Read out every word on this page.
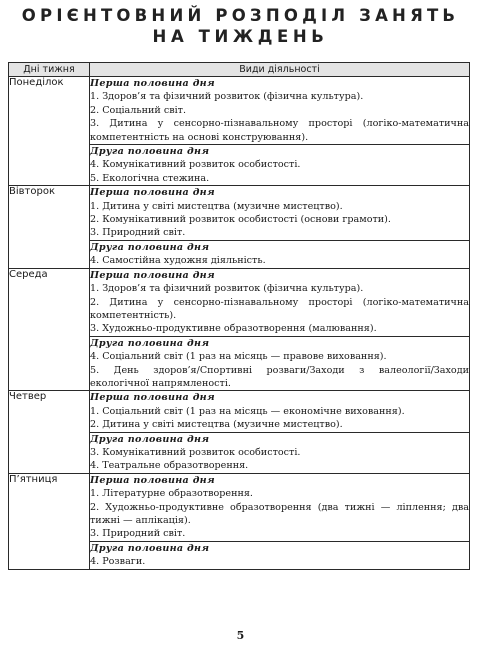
ОРІЄНТОВНИЙ РОЗПОДІЛ ЗАНЯТЬ
НА ТИЖДЕНЬ
Дні тижня	Види діяльності
Понеділок	Перша половина дня
1. Здоров’я та фізичний розвиток (фізична культура).
2. Соціальний світ.
3. Дитина у сенсорно-пізнавальному просторі (логіко-математична компетентність на основі конструювання).

	Друга половина дня
4. Комунікативний розвиток особистості.
5. Екологічна стежина.

Вівторок	Перша половина дня
1. Дитина у світі мистецтва (музичне мистецтво).
2. Комунікативний розвиток особистості (основи грамоти).
3. Природний світ.

	Друга половина дня
4. Самостійна художня діяльність.

Середа	Перша половина дня
1. Здоров’я та фізичний розвиток (фізична культура).
2. Дитина у сенсорно-пізнавальному просторі (логіко-математична компетентність).
3. Художньо-продуктивне образотворення (малювання).

	Друга половина дня
4. Соціальний світ (1 раз на місяць — правове виховання).
5. День здоров’я/Спортивні розваги/Заходи з валеології/Заходи екологічної напрямленості.

Четвер	Перша половина дня
1. Соціальний світ (1 раз на місяць — економічне виховання).
2. Дитина у світі мистецтва (музичне мистецтво).

	Друга половина дня
3. Комунікативний розвиток особистості.
4. Театральне образотворення.

П’ятниця	Перша половина дня
1. Літературне образотворення.
2. Художньо-продуктивне образотворення (два тижні — ліплення; два тижні — аплікація).
3. Природний світ.

	Друга половина дня
4. Розваги.
5
